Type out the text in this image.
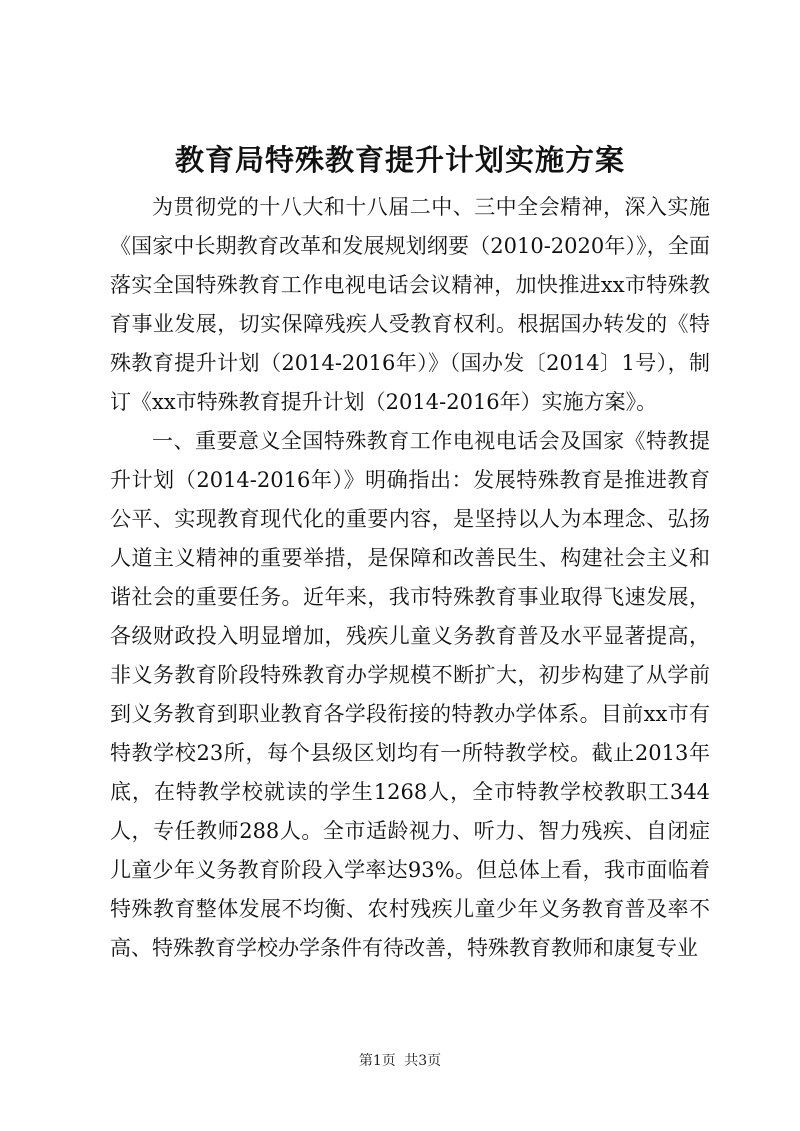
教育局特殊教育提升计划实施方案

为贯彻党的十八大和十八届二中、三中全会精神，深入实施《国家中长期教育改革和发展规划纲要（2010-2020年）》，全面落实全国特殊教育工作电视电话会议精神，加快推进xx市特殊教育事业发展，切实保障残疾人受教育权利。根据国办转发的《特殊教育提升计划（2014-2016年）》（国办发〔2014〕1号），制订《xx市特殊教育提升计划（2014-2016年）实施方案》。

一、重要意义全国特殊教育工作电视电话会及国家《特教提升计划（2014-2016年）》明确指出：发展特殊教育是推进教育公平、实现教育现代化的重要内容，是坚持以人为本理念、弘扬人道主义精神的重要举措，是保障和改善民生、构建社会主义和谐社会的重要任务。近年来，我市特殊教育事业取得飞速发展，各级财政投入明显增加，残疾儿童义务教育普及水平显著提高，非义务教育阶段特殊教育办学规模不断扩大，初步构建了从学前到义务教育到职业教育各学段衔接的特教办学体系。目前xx市有特教学校23所，每个县级区划均有一所特教学校。截止2013年底，在特教学校就读的学生1268人，全市特教学校教职工344人，专任教师288人。全市适龄视力、听力、智力残疾、自闭症儿童少年义务教育阶段入学率达93%。但总体上看，我市面临着特殊教育整体发展不均衡、农村残疾儿童少年义务教育普及率不高、特殊教育学校办学条件有待改善，特殊教育教师和康复专业

第1页 共3页
